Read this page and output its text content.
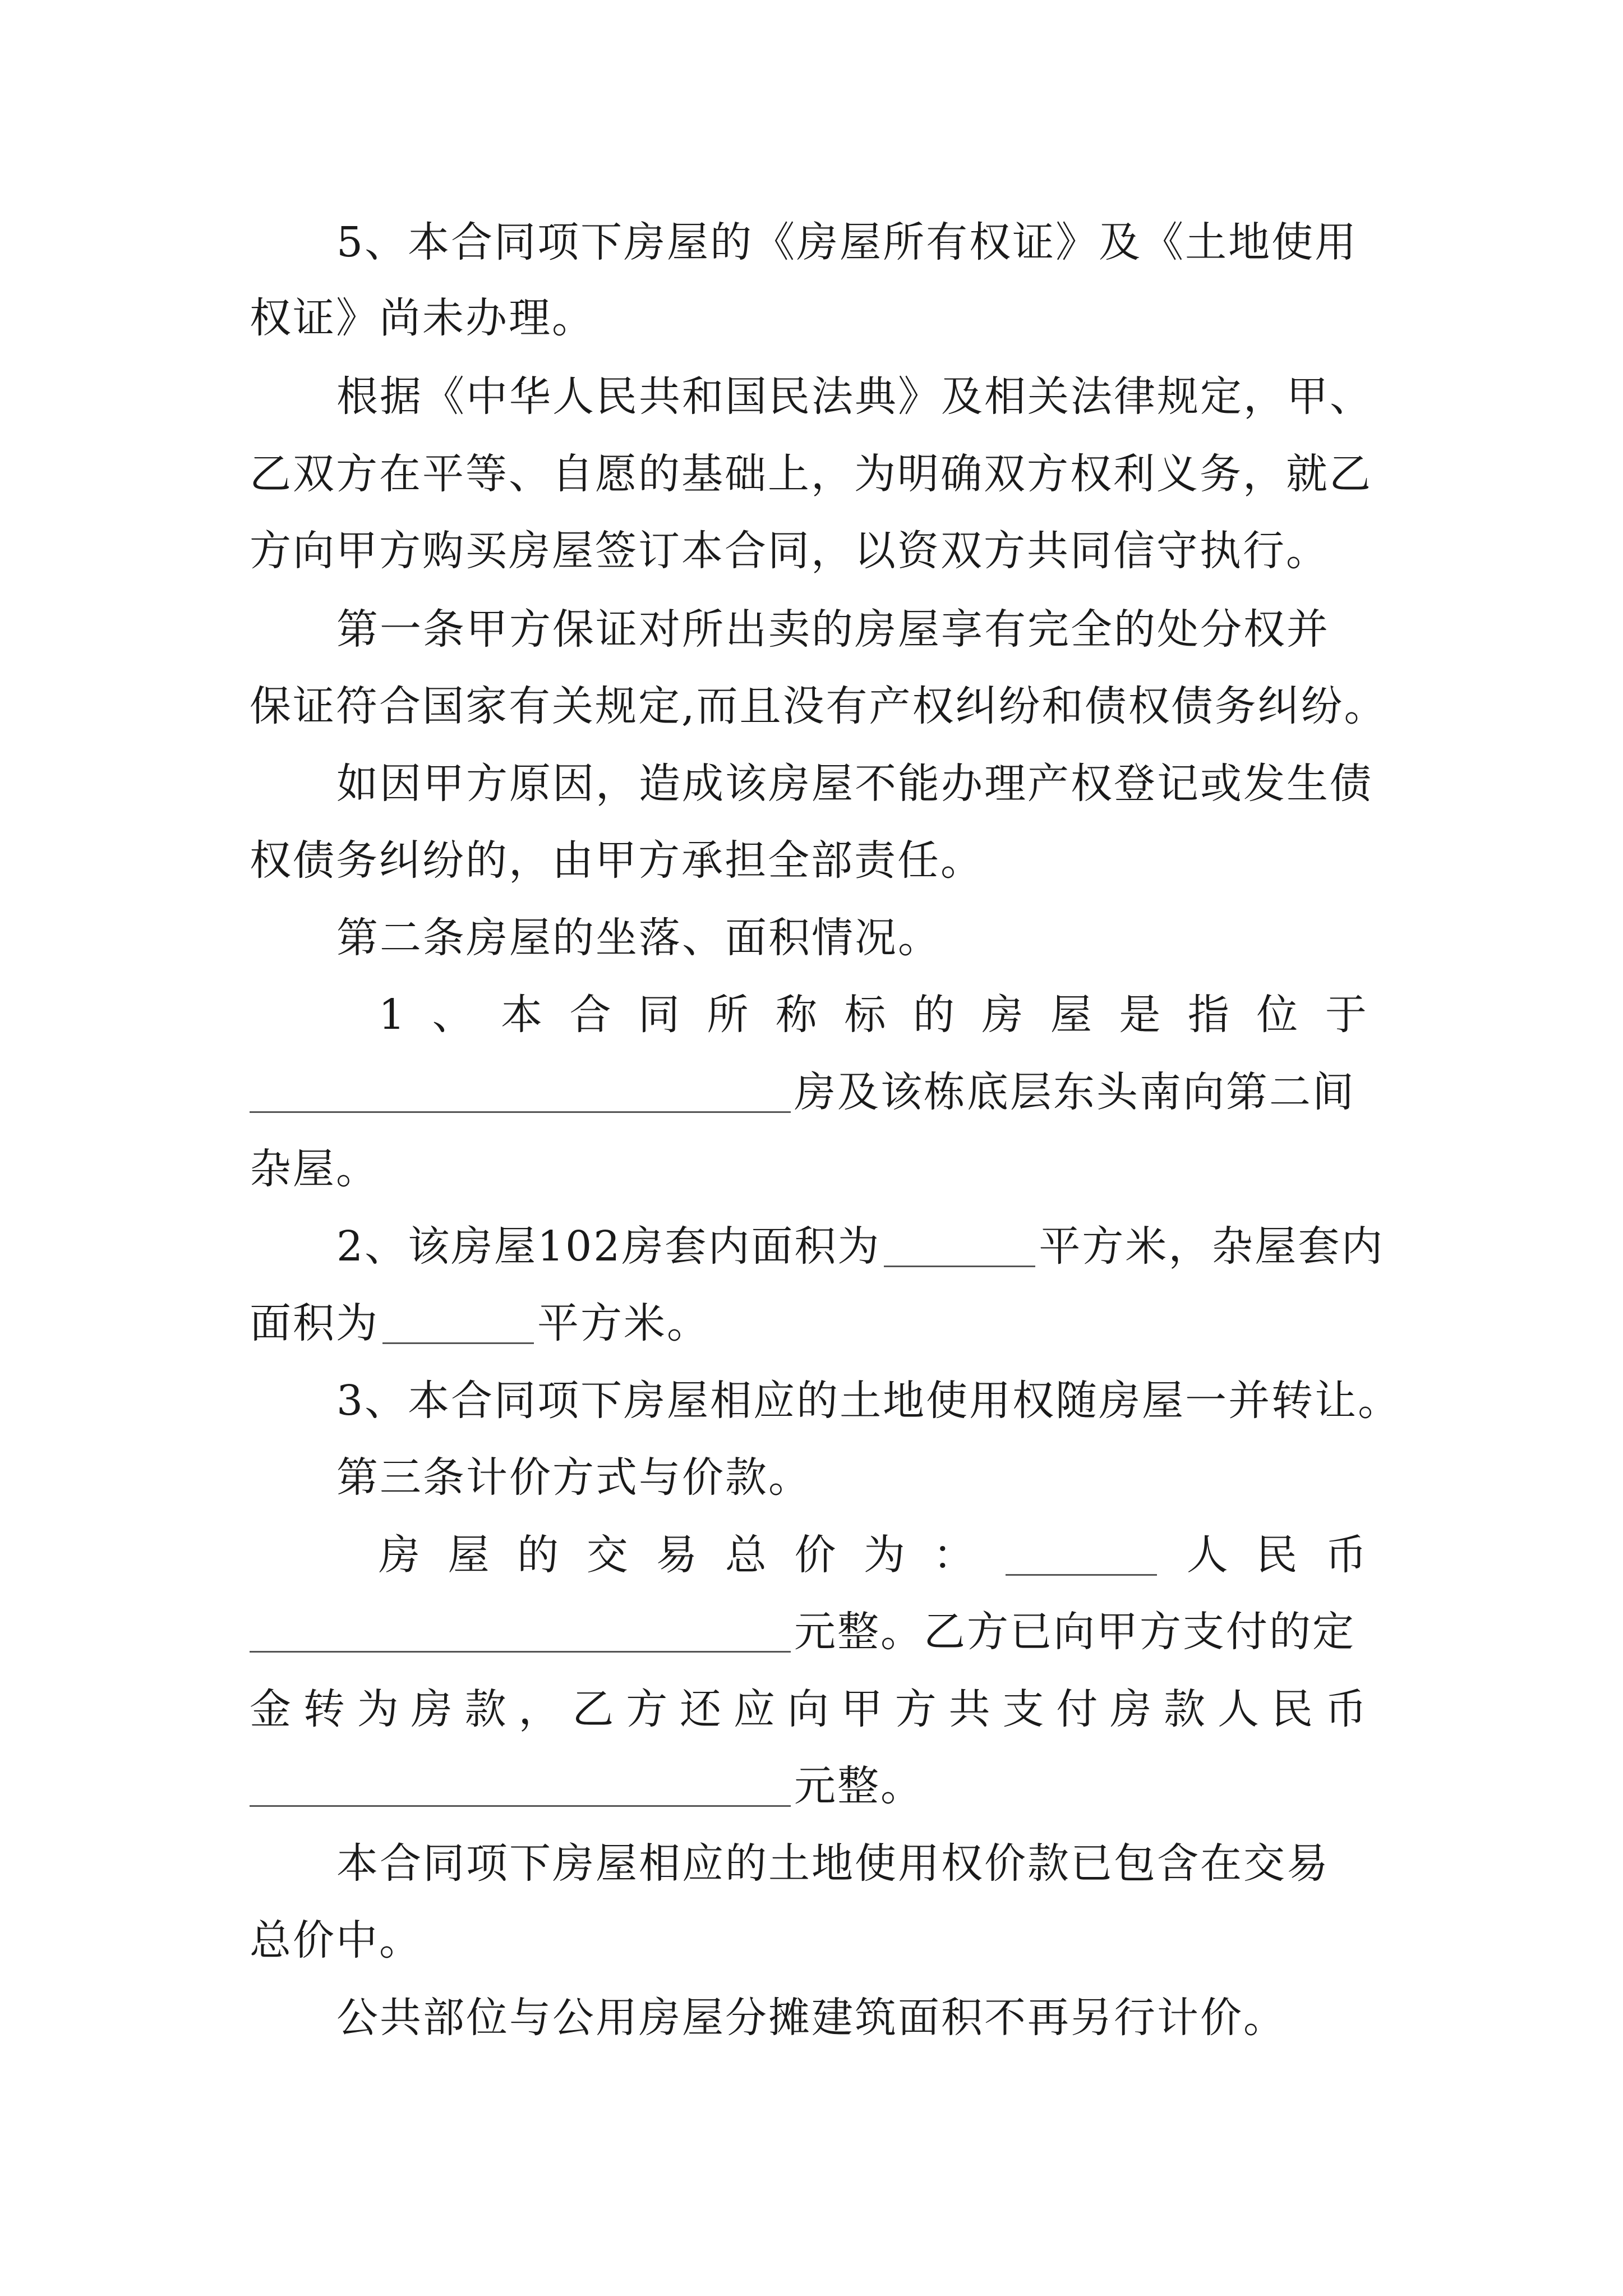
5、本合同项下房屋的《房屋所有权证》及《土地使用
权证》尚未办理。
根据《中华人民共和国民法典》及相关法律规定，甲、
乙双方在平等、自愿的基础上，为明确双方权利义务，就乙
方向甲方购买房屋签订本合同，以资双方共同信守执行。
第一条甲方保证对所出卖的房屋享有完全的处分权并
保证符合国家有关规定,而且没有产权纠纷和债权债务纠纷。
如因甲方原因，造成该房屋不能办理产权登记或发生债
权债务纠纷的，由甲方承担全部责任。
第二条房屋的坐落、面积情况。
1 、 本 合 同 所 称 标 的 房 屋 是 指 位 于
房及该栋底层东头南向第二间
杂屋。
2、该房屋102房套内面积为	平方米，杂屋套内
面积为	平方米。
3、本合同项下房屋相应的土地使用权随房屋一并转让。
第三条计价方式与价款。
房 屋 的 交 易 总 价 为 ：	人 民 币
元整。乙方已向甲方支付的定
金 转 为 房 款 ， 乙 方 还 应 向 甲 方 共 支 付 房 款 人 民 币
元整。
本合同项下房屋相应的土地使用权价款已包含在交易
总价中。
公共部位与公用房屋分摊建筑面积不再另行计价。
